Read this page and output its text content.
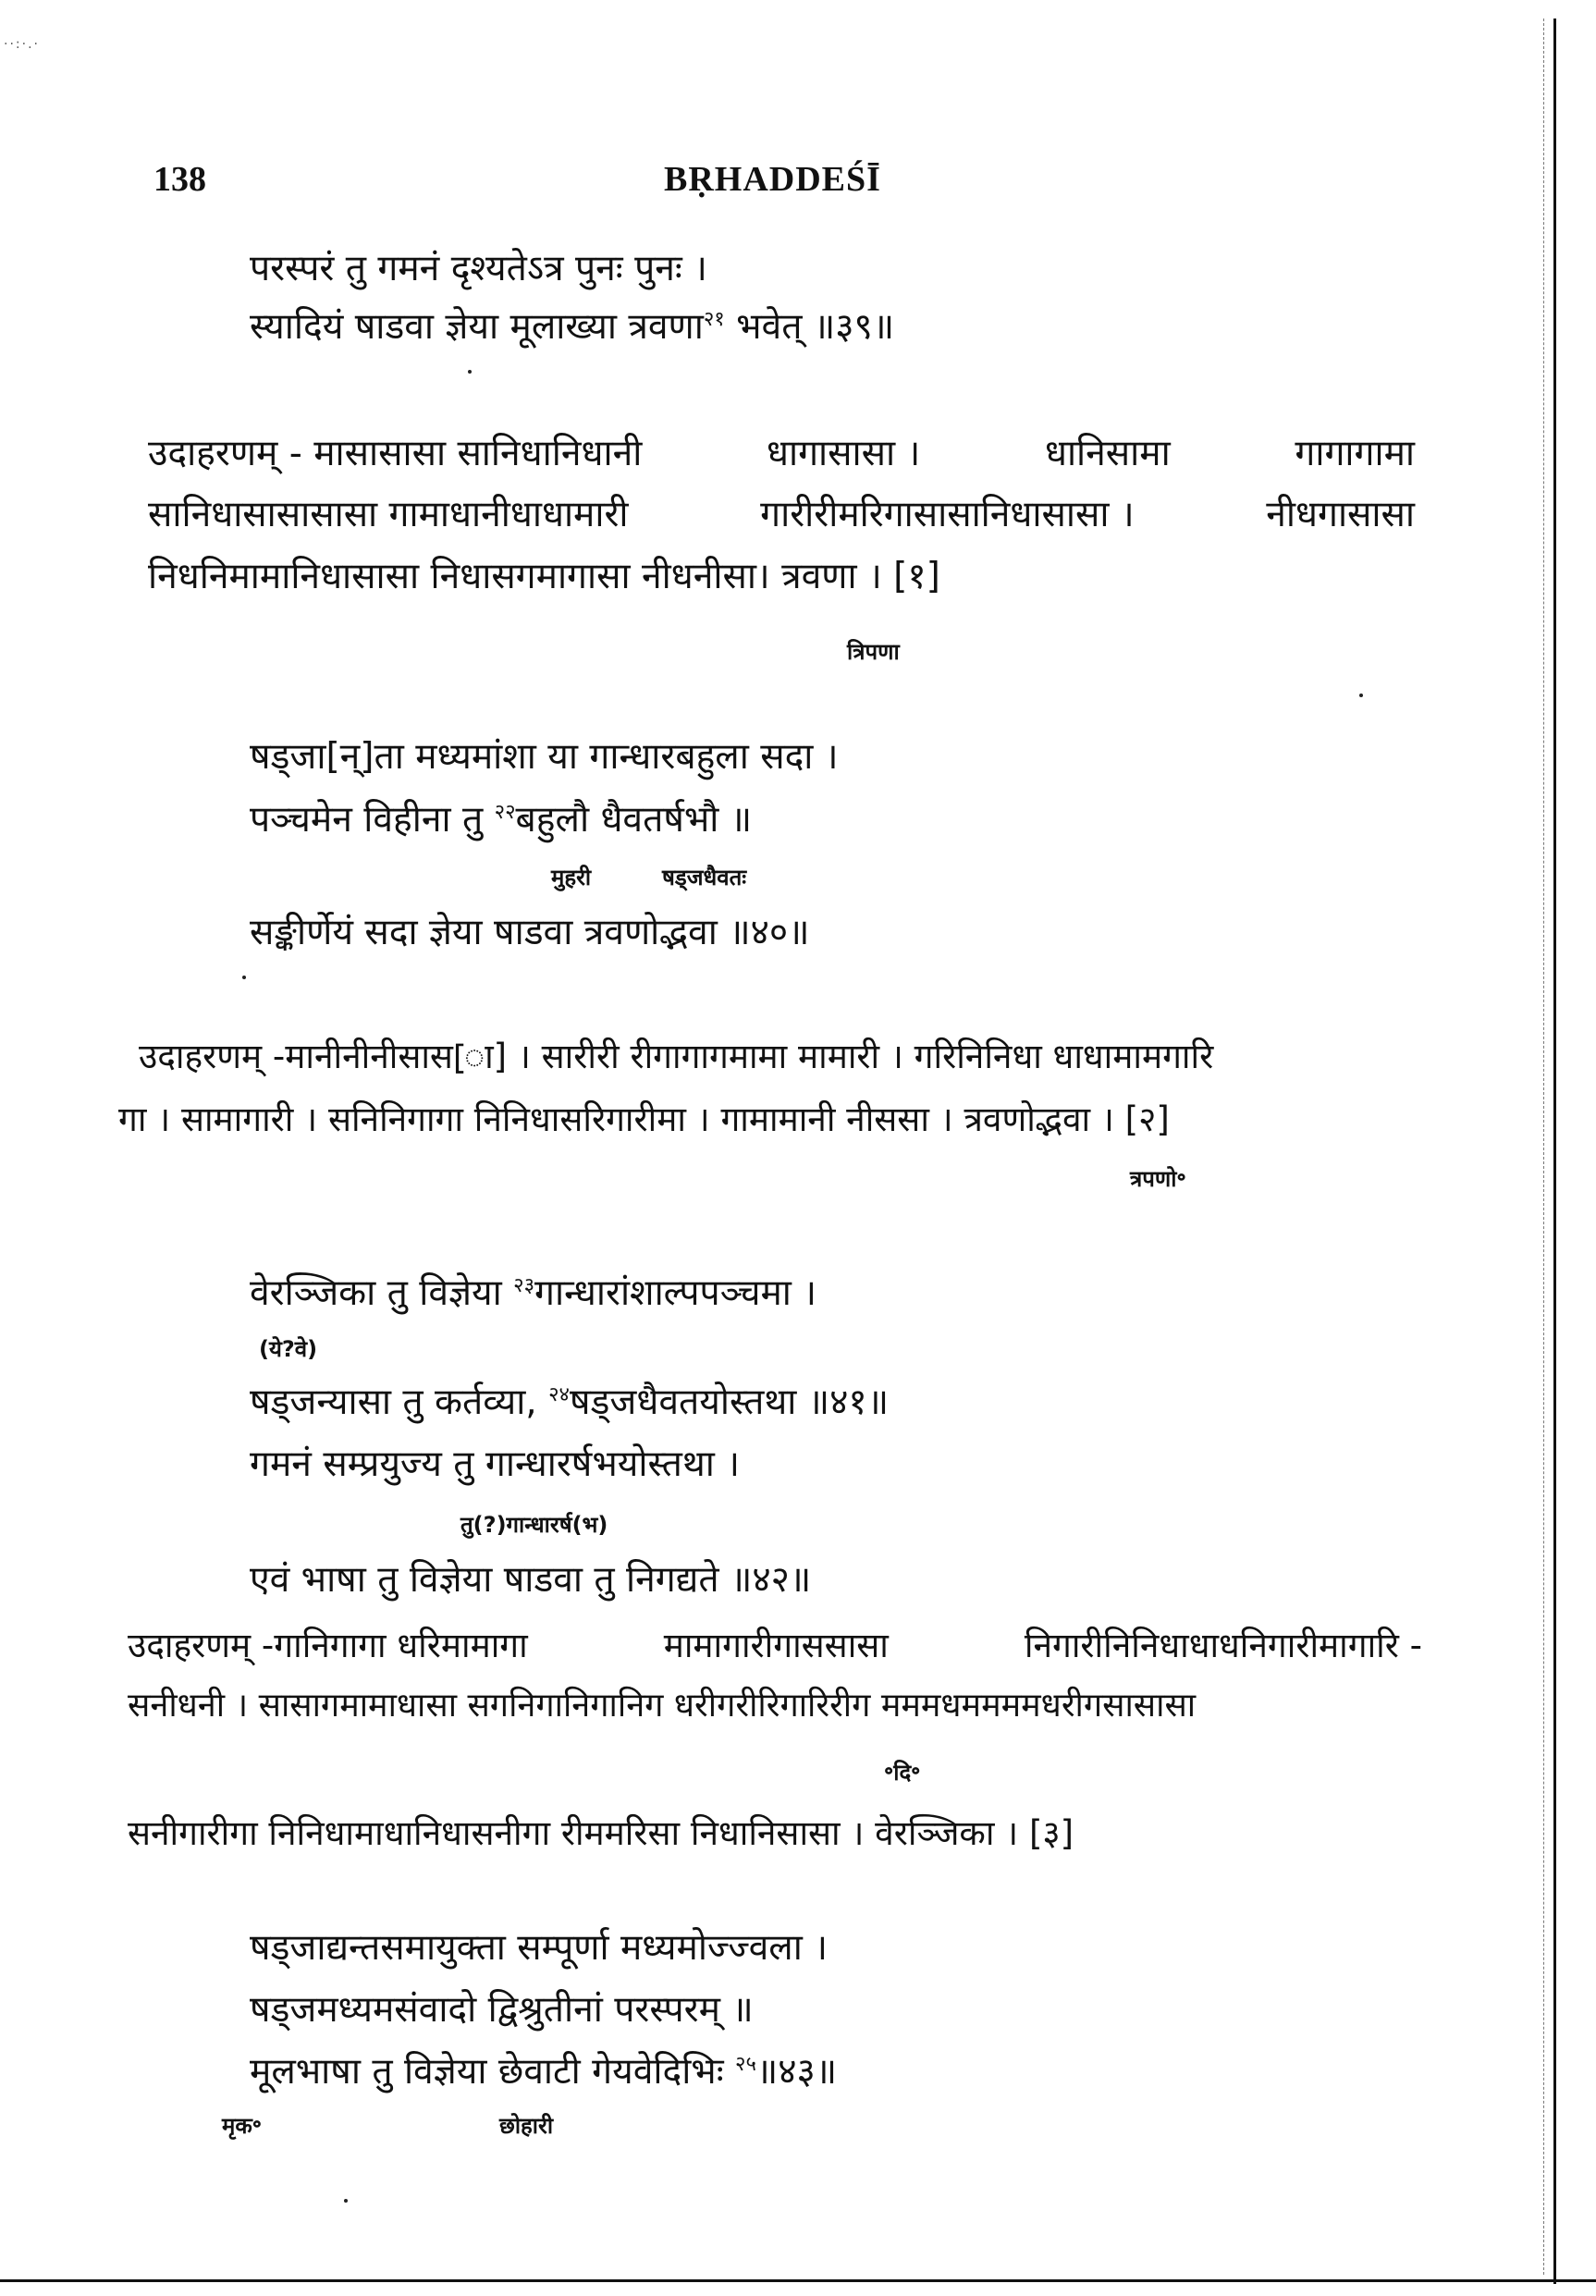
··:·.·
138	BṚHADDEŚĪ
परस्परं तु गमनं दृश्यतेऽत्र पुनः पुनः ।
स्यादियं षाडवा ज्ञेया मूलाख्या त्रवणा$^{२१}$ भवेत् ॥३९॥
उदाहरणम् - मासासासा सानिधानिधानी	धागासासा ।	धानिसामा	गागागामा
सानिधासासासासा गामाधानीधाधामारी	गारीरीमरिगासासानिधासासा ।	नीधगासासा
निधनिमामानिधासासा निधासगमागासा नीधनीसा। त्रवणा । [१]
त्रिपणा
षड्जा[न्]ता मध्यमांशा या गान्धारबहुला सदा ।
पञ्चमेन विहीना तु $^{२२}$बहुलौ धैवतर्षभौ ॥
मुहरी	षड्जधैवतः
सङ्कीर्णेयं सदा ज्ञेया षाडवा त्रवणोद्भवा ॥४०॥
उदाहरणम् -मानीनीनीसास[ा] । सारीरी रीगागागमामा मामारी । गरिनिनिधा धाधामामगारि
गा । सामागारी । सनिनिगागा निनिधासरिगारीमा । गामामानी नीससा । त्रवणोद्भवा । [२]
त्रपणो॰
वेरञ्जिका तु विज्ञेया $^{२३}$गान्धारांशाल्पपञ्चमा ।
(ये?वे)
षड्जन्यासा तु कर्तव्या, $^{२४}$षड्जधैवतयोस्तथा ॥४१॥
गमनं सम्प्रयुज्य तु गान्धारर्षभयोस्तथा ।
तु(?)गान्धारर्ष(भ)
एवं भाषा तु विज्ञेया षाडवा तु निगद्यते ॥४२॥
उदाहरणम् -गानिगागा धरिमामागा	मामागारीगाससासा	निगारीनिनिधाधाधनिगारीमागारि -
सनीधनी । सासागमामाधासा सगनिगानिगानिग धरीगरीरिगारिरीग मममधममममधरीगसासासा
॰दि॰
सनीगारीगा निनिधामाधानिधासनीगा रीममरिसा निधानिसासा । वेरञ्जिका । [३]
षड्जाद्यन्तसमायुक्ता सम्पूर्णा मध्यमोज्ज्वला ।
षड्जमध्यमसंवादो द्विश्रुतीनां परस्परम् ॥
मूलभाषा तु विज्ञेया छेवाटी गेयवेदिभिः $^{२५}$॥४३॥
मृक॰	छोहारी
